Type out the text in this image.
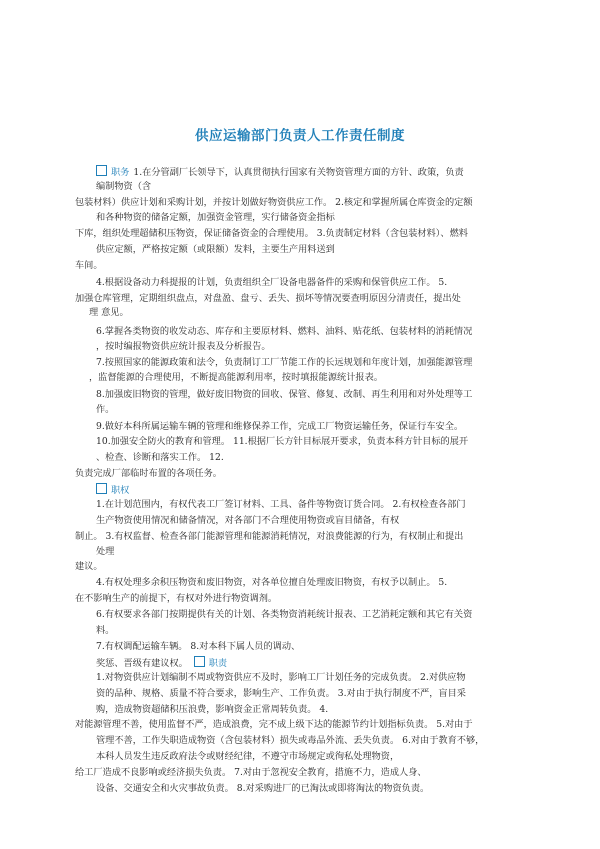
供应运输部门负责人工作责任制度
职务 1.在分管副厂长领导下，认真贯彻执行国家有关物资管理方面的方针、政策，负责
编制物资（含
包装材料）供应计划和采购计划，并按计划做好物资供应工作。 2.核定和掌握所属仓库资金的定额
和各种物资的储备定额，加强资金管理，实行储备资金指标
下库，组织处理超储积压物资，保证储备资金的合理使用。 3.负责制定材料（含包装材料）、燃料
供应定额，严格按定额（或限额）发料，主要生产用料送到
车间。
4.根据设备动力科提报的计划，负责组织全厂设备电器备件的采购和保管供应工作。 5.
加强仓库管理，定期组织盘点，对盘盈、盘亏、丢失、损坏等情况要查明原因分清责任，提出处
理 意见。
6.掌握各类物资的收发动态、库存和主要原材料、燃料、油料、贴花纸、包装材料的消耗情况
，按时编报物资供应统计报表及分析报告。
7.按照国家的能源政策和法令，负责制订工厂节能工作的长远规划和年度计划，加强能源管理
，监督能源的合理使用，不断提高能源利用率，按时填报能源统计报表。
8.加强废旧物资的管理，做好废旧物资的回收、保管、修复、改制、再生利用和对外处理等工
作。
9.做好本科所属运输车辆的管理和维修保养工作，完成工厂物资运输任务，保证行车安全。
10.加强安全防火的教育和管理。 11.根据厂长方针目标展开要求，负责本科方针目标的展开
、检查、诊断和落实工作。 12.
负责完成厂部临时布置的各项任务。
职权
1.在计划范围内，有权代表工厂签订材料、工具、备件等物资订货合同。 2.有权检查各部门
生产物资使用情况和储备情况，对各部门不合理使用物资或盲目储备，有权
制止。 3.有权监督、检查各部门能源管理和能源消耗情况，对浪费能源的行为，有权制止和提出
处理
建议。
4.有权处理多余积压物资和废旧物资，对各单位擅自处理废旧物资，有权予以制止。 5.
在不影响生产的前提下，有权对外进行物资调剂。
6.有权要求各部门按期提供有关的计划、各类物资消耗统计报表、工艺消耗定额和其它有关资
料。
7.有权调配运输车辆。 8.对本科下属人员的调动、
奖惩、晋级有建议权。 职责
1.对物资供应计划编制不周或物资供应不及时，影响工厂计划任务的完成负责。 2.对供应物
资的品种、规格、质量不符合要求，影响生产、工作负责。 3.对由于执行制度不严，盲目采
购，造成物资超储积压浪费，影响资金正常周转负责。 4.
对能源管理不善，使用监督不严，造成浪费，完不成上级下达的能源节约计划指标负责。 5.对由于
管理不善，工作失职造成物资（含包装材料）损失或毒品外流、丢失负责。 6.对由于教育不够，
本科人员发生违反政府法令或财经纪律，不遵守市场规定或徇私处理物资，
给工厂造成不良影响或经济损失负责。 7.对由于忽视安全教育，措施不力，造成人身、
设备、交通安全和火灾事故负责。 8.对采购进厂的已淘汰或即将淘汰的物资负责。
